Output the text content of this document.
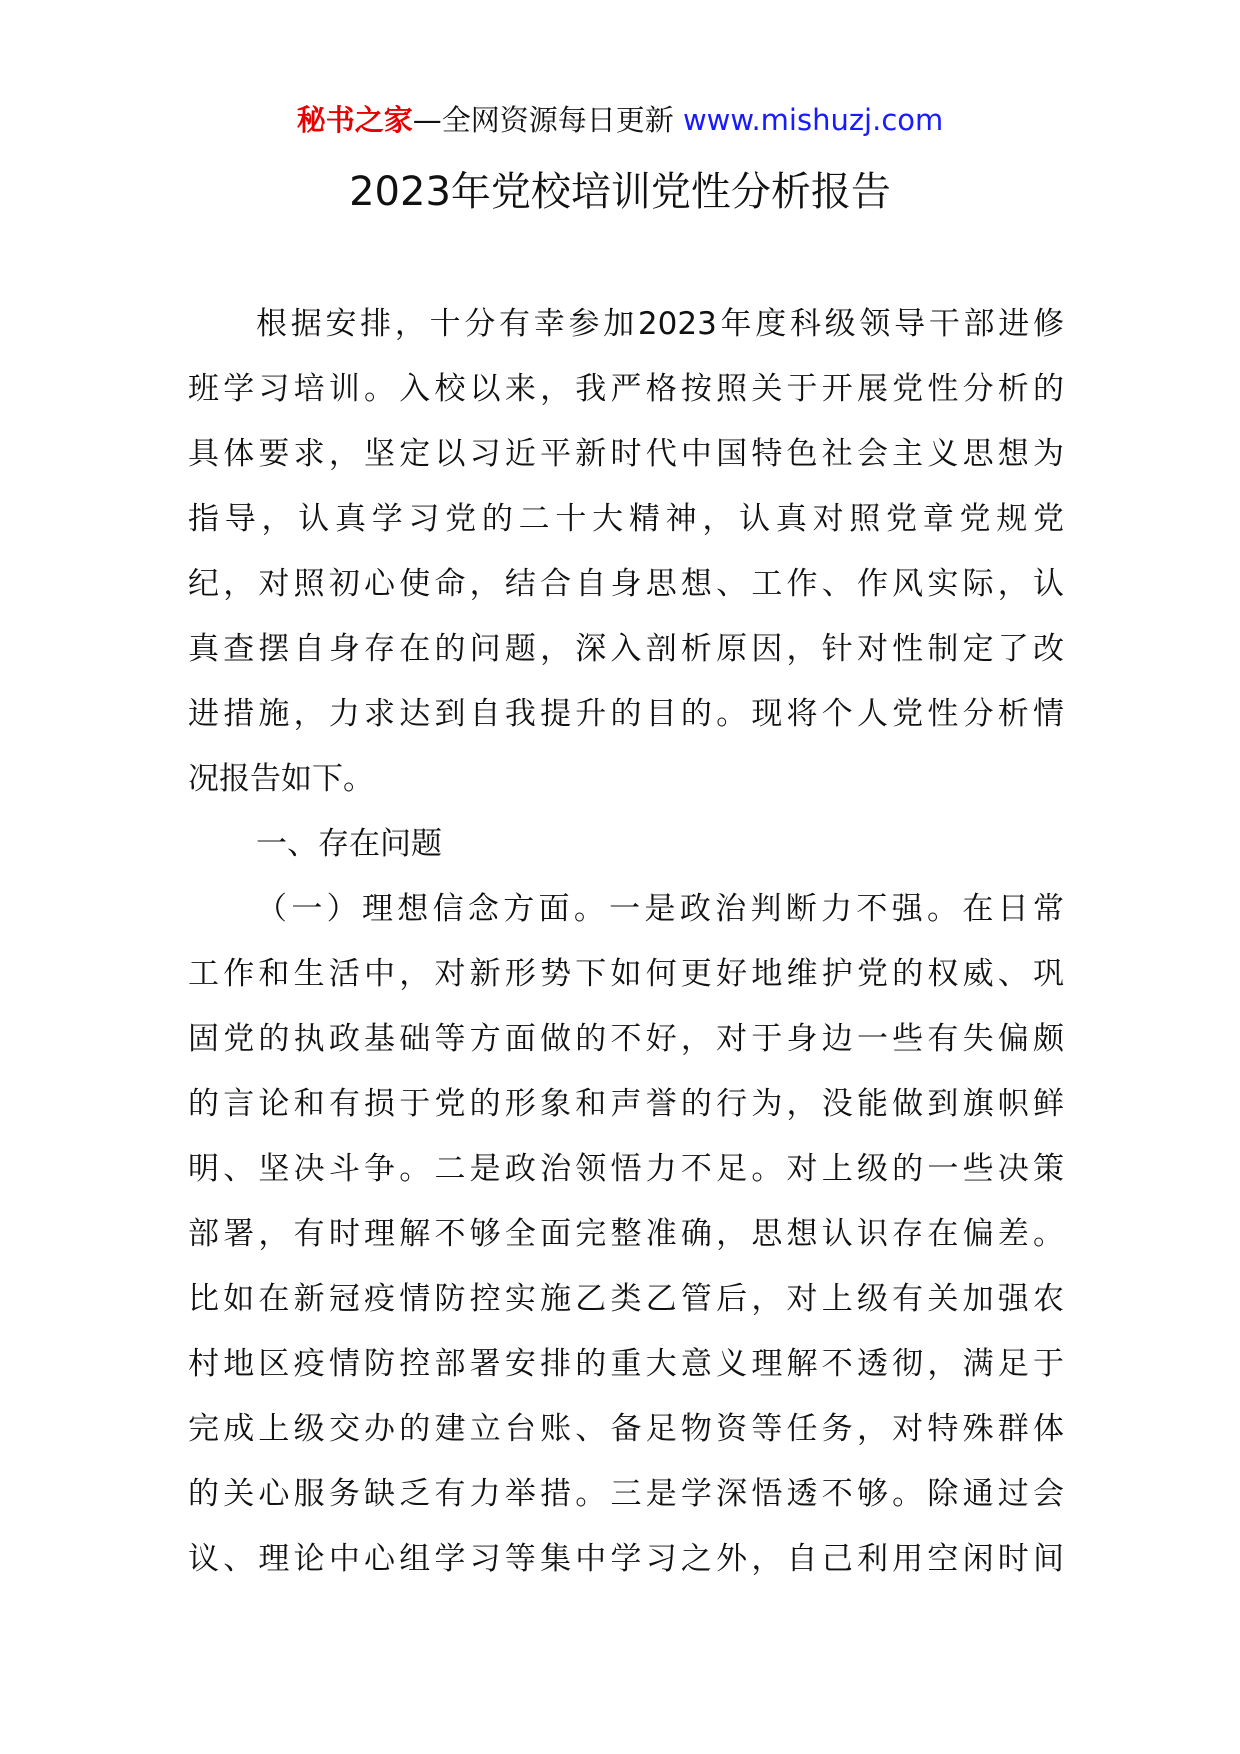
秘书之家—全网资源每日更新 www.mishuzj.com
2023年党校培训党性分析报告
根据安排，十分有幸参加2023年度科级领导干部进修
班学习培训。入校以来，我严格按照关于开展党性分析的
具体要求，坚定以习近平新时代中国特色社会主义思想为
指导，认真学习党的二十大精神，认真对照党章党规党
纪，对照初心使命，结合自身思想、工作、作风实际，认
真查摆自身存在的问题，深入剖析原因，针对性制定了改
进措施，力求达到自我提升的目的。现将个人党性分析情
况报告如下。
一、存在问题
（一）理想信念方面。一是政治判断力不强。在日常
工作和生活中，对新形势下如何更好地维护党的权威、巩
固党的执政基础等方面做的不好，对于身边一些有失偏颇
的言论和有损于党的形象和声誉的行为，没能做到旗帜鲜
明、坚决斗争。二是政治领悟力不足。对上级的一些决策
部署，有时理解不够全面完整准确，思想认识存在偏差。
比如在新冠疫情防控实施乙类乙管后，对上级有关加强农
村地区疫情防控部署安排的重大意义理解不透彻，满足于
完成上级交办的建立台账、备足物资等任务，对特殊群体
的关心服务缺乏有力举措。三是学深悟透不够。除通过会
议、理论中心组学习等集中学习之外，自己利用空闲时间
